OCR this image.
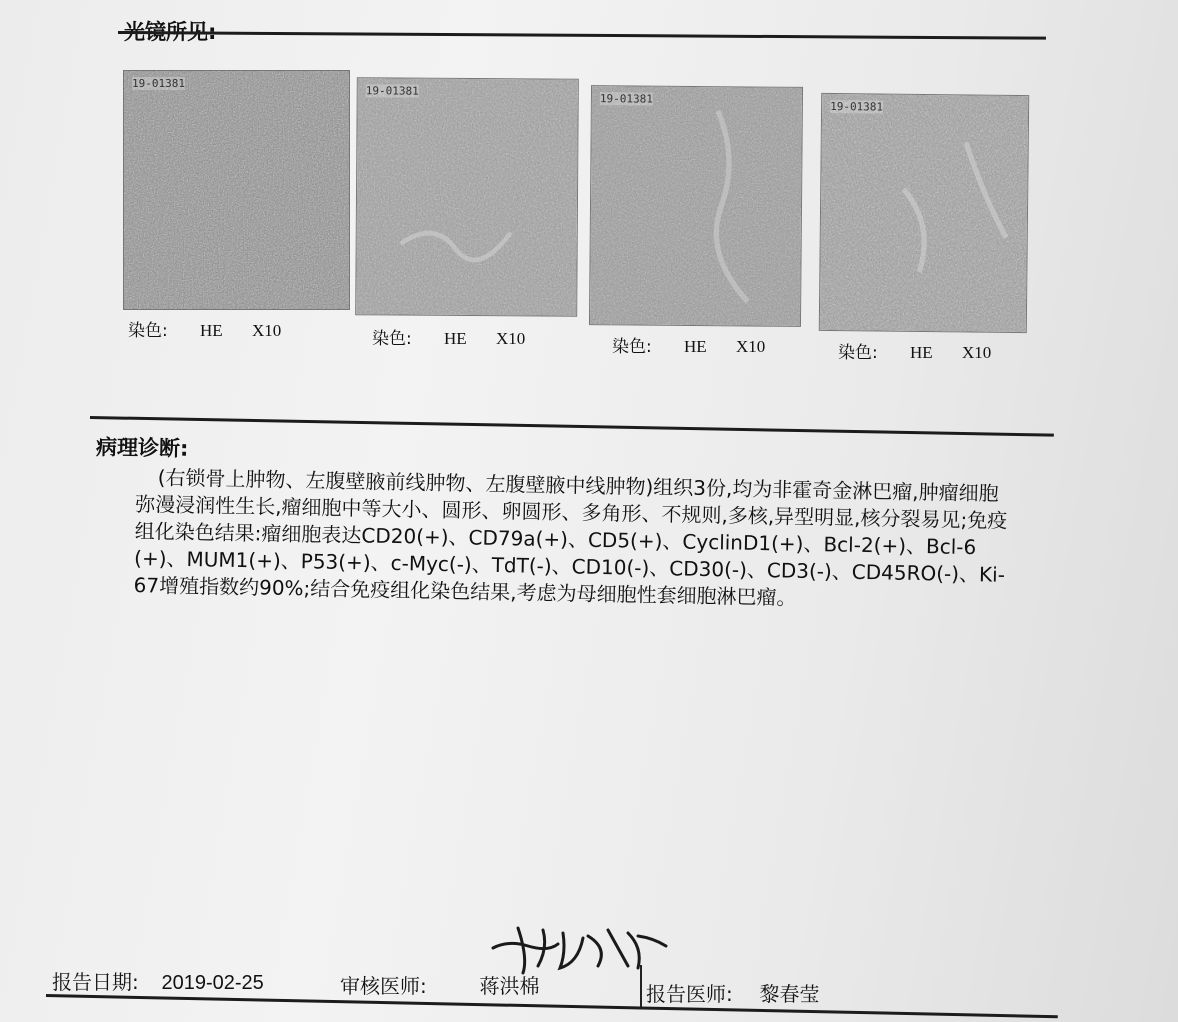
光镜所见:
19-01381
19-01381
19-01381
19-01381
染色: HE X10	染色: HE X10	染色: HE X10	染色: HE X10
病理诊断:
(右锁骨上肿物、左腹壁腋前线肿物、左腹壁腋中线肿物)组织3份,均为非霍奇金淋巴瘤,肿瘤细胞弥漫浸润性生长,瘤细胞中等大小、圆形、卵圆形、多角形、不规则,多核,异型明显,核分裂易见;免疫组化染色结果:瘤细胞表达CD20(+)、CD79a(+)、CD5(+)、CyclinD1(+)、Bcl-2(+)、Bcl-6(+)、MUM1(+)、P53(+)、c-Myc(-)、TdT(-)、CD10(-)、CD30(-)、CD3(-)、CD45RO(-)、Ki-67增殖指数约90%;结合免疫组化染色结果,考虑为母细胞性套细胞淋巴瘤。
报告日期: 2019-02-25	审核医师:	蒋洪棉	报告医师: 黎春莹
